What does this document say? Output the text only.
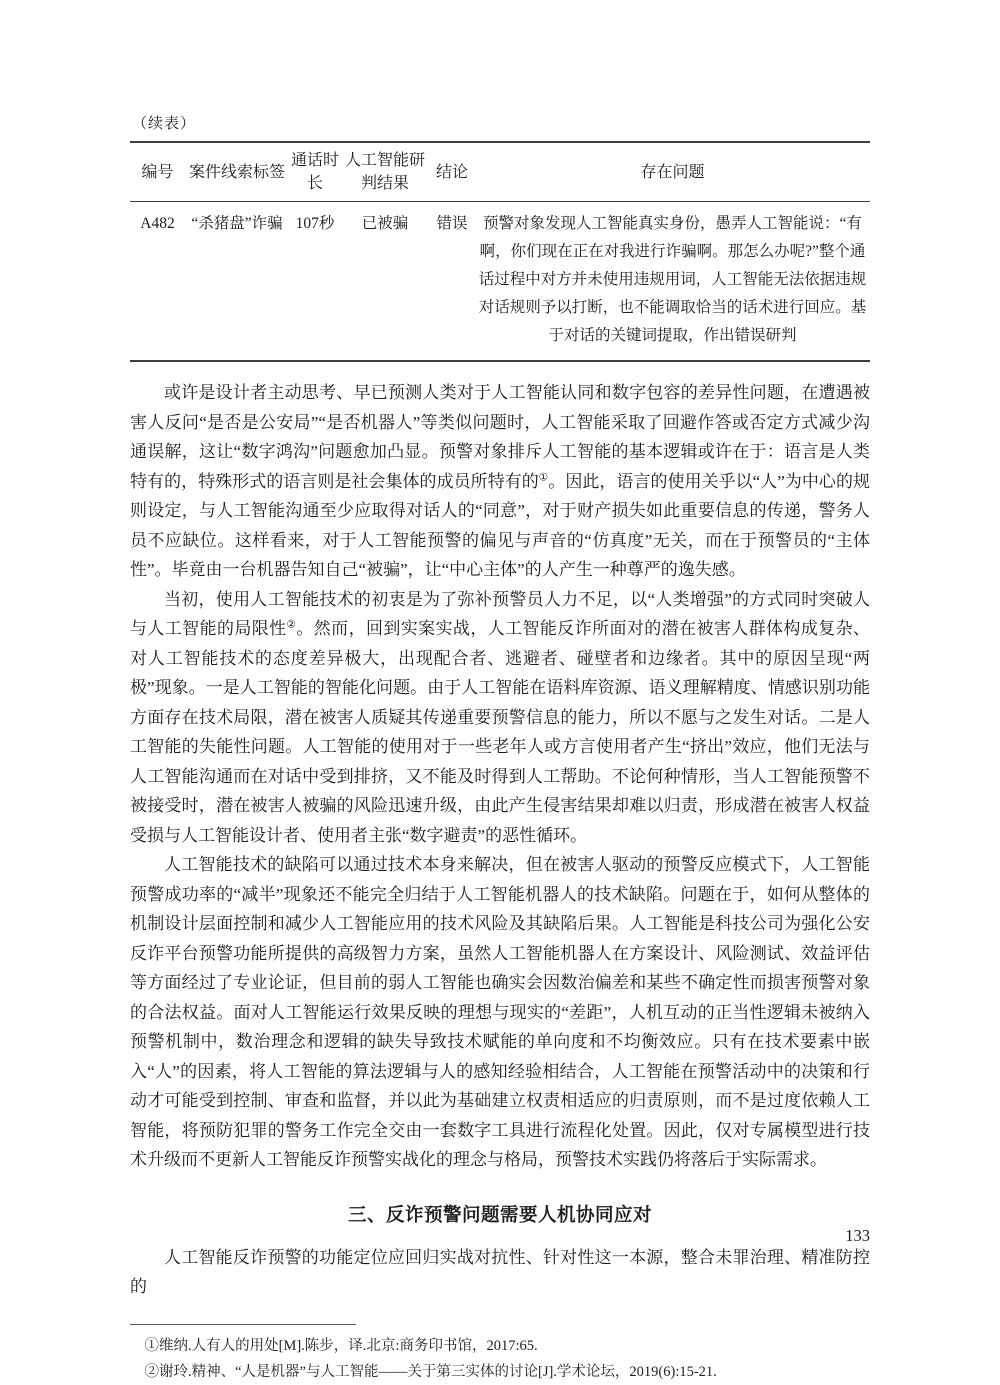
（续表）

编号	案件线索标签	通话时长	人工智能研判结果	结论	存在问题
A482	“杀猪盘”诈骗	107秒	已被骗	错误	预警对象发现人工智能真实身份，愚弄人工智能说：“有啊，你们现在正在对我进行诈骗啊。那怎么办呢?”整个通话过程中对方并未使用违规用词，人工智能无法依据违规对话规则予以打断，也不能调取恰当的话术进行回应。基于对话的关键词提取，作出错误研判

或许是设计者主动思考、早已预测人类对于人工智能认同和数字包容的差异性问题，在遭遇被害人反问“是否是公安局”“是否机器人”等类似问题时，人工智能采取了回避作答或否定方式减少沟通误解，这让“数字鸿沟”问题愈加凸显。预警对象排斥人工智能的基本逻辑或许在于：语言是人类特有的，特殊形式的语言则是社会集体的成员所特有的①。因此，语言的使用关乎以“人”为中心的规则设定，与人工智能沟通至少应取得对话人的“同意”，对于财产损失如此重要信息的传递，警务人员不应缺位。这样看来，对于人工智能预警的偏见与声音的“仿真度”无关，而在于预警员的“主体性”。毕竟由一台机器告知自己“被骗”，让“中心主体”的人产生一种尊严的逸失感。

当初，使用人工智能技术的初衷是为了弥补预警员人力不足，以“人类增强”的方式同时突破人与人工智能的局限性②。然而，回到实案实战，人工智能反诈所面对的潜在被害人群体构成复杂、对人工智能技术的态度差异极大，出现配合者、逃避者、碰壁者和边缘者。其中的原因呈现“两极”现象。一是人工智能的智能化问题。由于人工智能在语料库资源、语义理解精度、情感识别功能方面存在技术局限，潜在被害人质疑其传递重要预警信息的能力，所以不愿与之发生对话。二是人工智能的失能性问题。人工智能的使用对于一些老年人或方言使用者产生“挤出”效应，他们无法与人工智能沟通而在对话中受到排挤，又不能及时得到人工帮助。不论何种情形，当人工智能预警不被接受时，潜在被害人被骗的风险迅速升级，由此产生侵害结果却难以归责，形成潜在被害人权益受损与人工智能设计者、使用者主张“数字避责”的恶性循环。

人工智能技术的缺陷可以通过技术本身来解决，但在被害人驱动的预警反应模式下，人工智能预警成功率的“减半”现象还不能完全归结于人工智能机器人的技术缺陷。问题在于，如何从整体的机制设计层面控制和减少人工智能应用的技术风险及其缺陷后果。人工智能是科技公司为强化公安反诈平台预警功能所提供的高级智力方案，虽然人工智能机器人在方案设计、风险测试、效益评估等方面经过了专业论证，但目前的弱人工智能也确实会因数治偏差和某些不确定性而损害预警对象的合法权益。面对人工智能运行效果反映的理想与现实的“差距”，人机互动的正当性逻辑未被纳入预警机制中，数治理念和逻辑的缺失导致技术赋能的单向度和不均衡效应。只有在技术要素中嵌入“人”的因素，将人工智能的算法逻辑与人的感知经验相结合，人工智能在预警活动中的决策和行动才可能受到控制、审查和监督，并以此为基础建立权责相适应的归责原则，而不是过度依赖人工智能，将预防犯罪的警务工作完全交由一套数字工具进行流程化处置。因此，仅对专属模型进行技术升级而不更新人工智能反诈预警实战化的理念与格局，预警技术实践仍将落后于实际需求。

三、反诈预警问题需要人机协同应对

人工智能反诈预警的功能定位应回归实战对抗性、针对性这一本源，整合未罪治理、精准防控的

①维纳.人有人的用处[M].陈步，译.北京:商务印书馆，2017:65.

②谢玲.精神、“人是机器”与人工智能——关于第三实体的讨论[J].学术论坛，2019(6):15-21.

133
